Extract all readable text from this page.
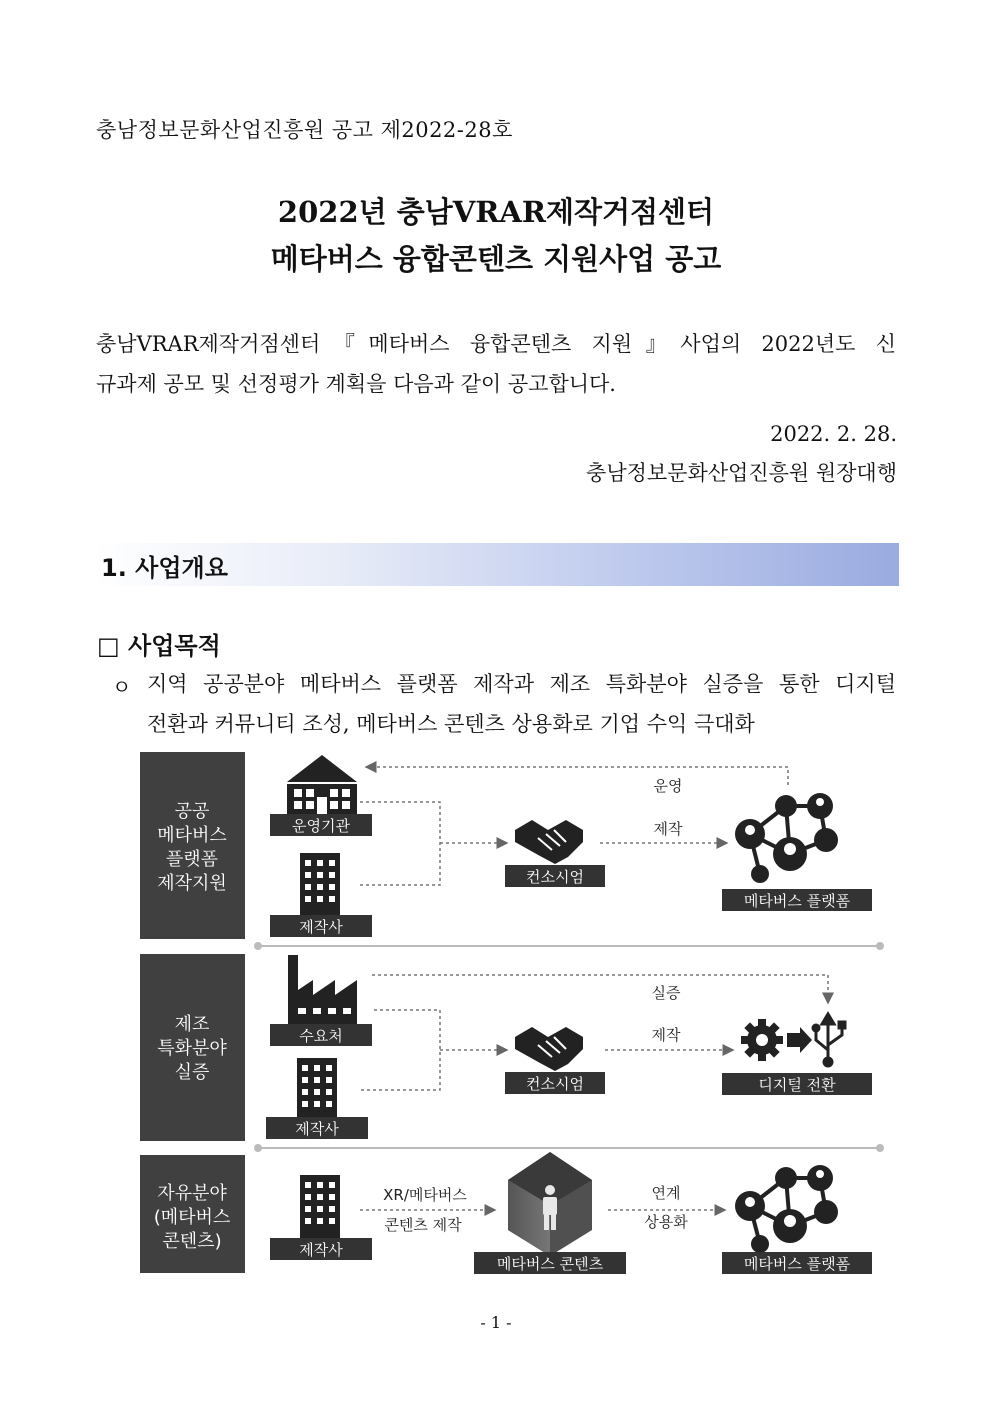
충남정보문화산업진흥원 공고 제2022-28호
2022년 충남VRAR제작거점센터
메타버스 융합콘텐츠 지원사업 공고
충남VRAR제작거점센터『메타버스 융합콘텐츠 지원』사업의 2022년도 신
규과제 공모 및 선정평가 계획을 다음과 같이 공고합니다.
2022. 2. 28.
충남정보문화산업진흥원 원장대행
1. 사업개요
□ 사업목적
ㅇ 지역 공공분야 메타버스 플랫폼 제작과 제조 특화분야 실증을 통한 디지털
전환과 커뮤니티 조성, 메타버스 콘텐츠 상용화로 기업 수익 극대화
공공
메타버스
플랫폼
제작지원
운영기관
제작사
운영
제작
컨소시엄
메타버스 플랫폼
제조
특화분야
실증
수요처
제작사
실증
제작
컨소시엄	디지털 전환
자유분야
(메타버스
콘텐츠)	제작사
XR/메타버스
콘텐츠 제작
메타버스 콘텐츠
연계
상용화
메타버스 플랫폼
- 1 -
